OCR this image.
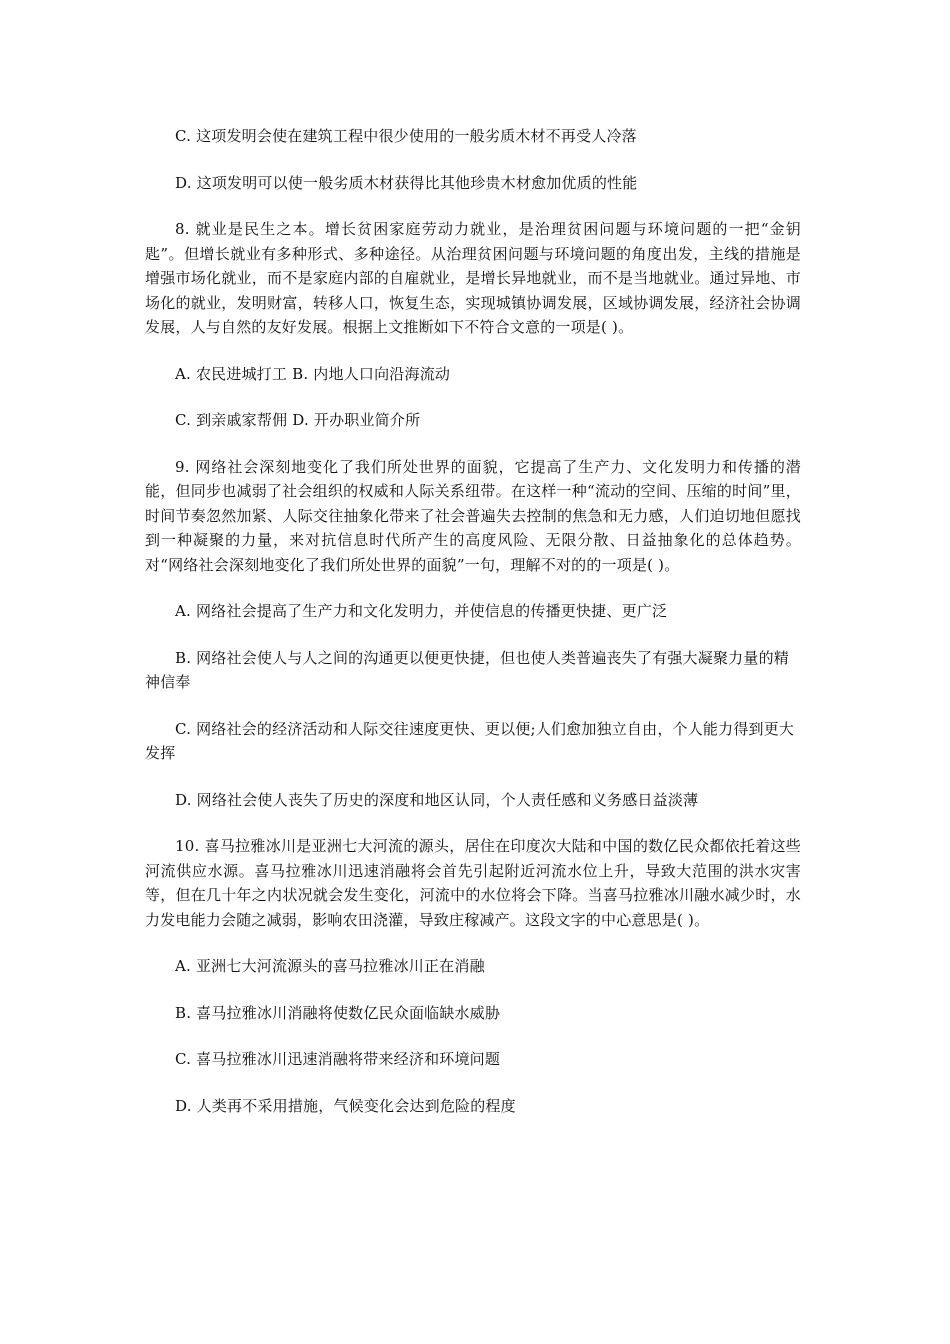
C. 这项发明会使在建筑工程中很少使用的一般劣质木材不再受人冷落

D. 这项发明可以使一般劣质木材获得比其他珍贵木材愈加优质的性能

8. 就业是民生之本。增长贫困家庭劳动力就业，是治理贫困问题与环境问题的一把“金钥匙”。但增长就业有多种形式、多种途径。从治理贫困问题与环境问题的角度出发，主线的措施是增强市场化就业，而不是家庭内部的自雇就业，是增长异地就业，而不是当地就业。通过异地、市场化的就业，发明财富，转移人口，恢复生态，实现城镇协调发展，区域协调发展，经济社会协调发展，人与自然的友好发展。根据上文推断如下不符合文意的一项是( )。

A. 农民进城打工 B. 内地人口向沿海流动

C. 到亲戚家帮佣 D. 开办职业简介所

9. 网络社会深刻地变化了我们所处世界的面貌，它提高了生产力、文化发明力和传播的潜能，但同步也减弱了社会组织的权威和人际关系纽带。在这样一种“流动的空间、压缩的时间”里，时间节奏忽然加紧、人际交往抽象化带来了社会普遍失去控制的焦急和无力感，人们迫切地但愿找到一种凝聚的力量，来对抗信息时代所产生的高度风险、无限分散、日益抽象化的总体趋势。对“网络社会深刻地变化了我们所处世界的面貌”一句，理解不对的的一项是( )。

A. 网络社会提高了生产力和文化发明力，并使信息的传播更快捷、更广泛

B. 网络社会使人与人之间的沟通更以便更快捷，但也使人类普遍丧失了有强大凝聚力量的精神信奉

C. 网络社会的经济活动和人际交往速度更快、更以便;人们愈加独立自由，个人能力得到更大发挥

D. 网络社会使人丧失了历史的深度和地区认同，个人责任感和义务感日益淡薄

10. 喜马拉雅冰川是亚洲七大河流的源头，居住在印度次大陆和中国的数亿民众都依托着这些河流供应水源。喜马拉雅冰川迅速消融将会首先引起附近河流水位上升，导致大范围的洪水灾害等，但在几十年之内状况就会发生变化，河流中的水位将会下降。当喜马拉雅冰川融水减少时，水力发电能力会随之减弱，影响农田浇灌，导致庄稼减产。这段文字的中心意思是( )。

A. 亚洲七大河流源头的喜马拉雅冰川正在消融

B. 喜马拉雅冰川消融将使数亿民众面临缺水威胁

C. 喜马拉雅冰川迅速消融将带来经济和环境问题

D. 人类再不采用措施，气候变化会达到危险的程度
